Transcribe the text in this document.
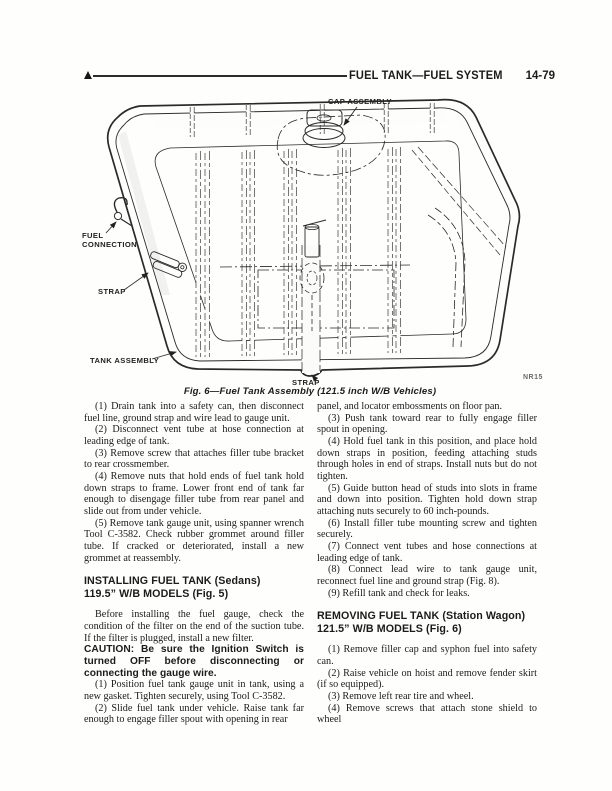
FUEL TANK—FUEL SYSTEM 14-79
CAP ASSEMBLY
FUEL
CONNECTION
STRAP
TANK ASSEMBLY
STRAP
NR15
Fig. 6—Fuel Tank Assembly (121.5 inch W/B Vehicles)

(1) Drain tank into a safety can, then disconnect fuel line, ground strap and wire lead to gauge unit.

(2) Disconnect vent tube at hose connection at leading edge of tank.

(3) Remove screw that attaches filler tube bracket to rear crossmember.

(4) Remove nuts that hold ends of fuel tank hold down straps to frame. Lower front end of tank far enough to disengage filler tube from rear panel and slide out from under vehicle.

(5) Remove tank gauge unit, using spanner wrench Tool C-3582. Check rubber grommet around filler tube. If cracked or deteriorated, install a new grommet at reassembly.

INSTALLING FUEL TANK (Sedans)
119.5” W/B MODELS (Fig. 5)

Before installing the fuel gauge, check the condition of the filter on the end of the suction tube. If the filter is plugged, install a new filter.

CAUTION: Be sure the Ignition Switch is turned OFF before disconnecting or connecting the gauge wire.

(1) Position fuel tank gauge unit in tank, using a new gasket. Tighten securely, using Tool C-3582.

(2) Slide fuel tank under vehicle. Raise tank far enough to engage filler spout with opening in rear

panel, and locator embossments on floor pan.

(3) Push tank toward rear to fully engage filler spout in opening.

(4) Hold fuel tank in this position, and place hold down straps in position, feeding attaching studs through holes in end of straps. Install nuts but do not tighten.

(5) Guide button head of studs into slots in frame and down into position. Tighten hold down strap attaching nuts securely to 60 inch-pounds.

(6) Install filler tube mounting screw and tighten securely.

(7) Connect vent tubes and hose connections at leading edge of tank.

(8) Connect lead wire to tank gauge unit, reconnect fuel line and ground strap (Fig. 8).

(9) Refill tank and check for leaks.

REMOVING FUEL TANK (Station Wagon)
121.5” W/B MODELS (Fig. 6)

(1) Remove filler cap and syphon fuel into safety can.

(2) Raise vehicle on hoist and remove fender skirt (if so equipped).

(3) Remove left rear tire and wheel.

(4) Remove screws that attach stone shield to wheel
